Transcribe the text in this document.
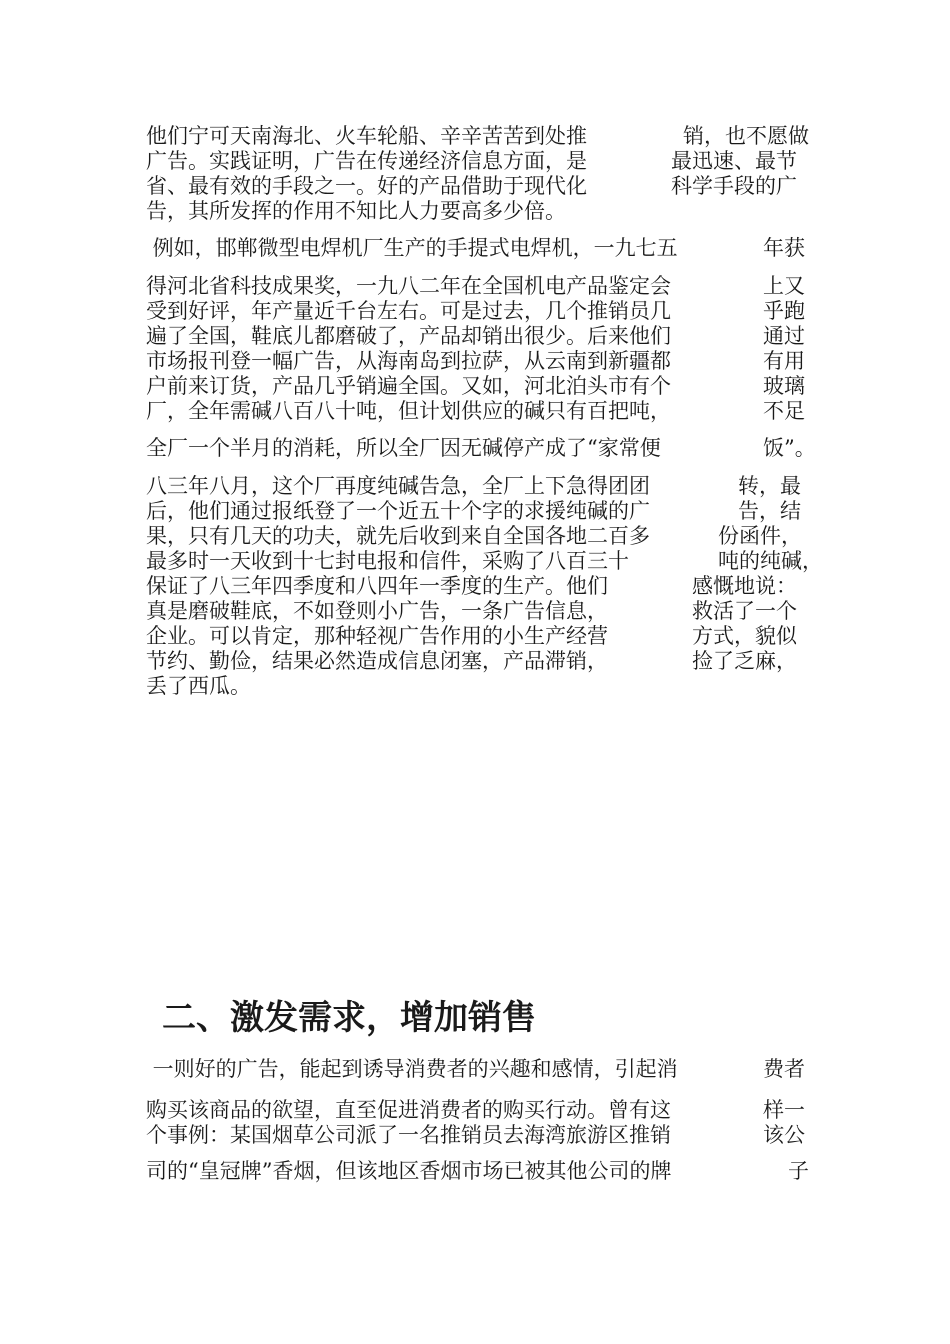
他们宁可天南海北、火车轮船、辛辛苦苦到处推	销，也不愿做
广告。实践证明，广告在传递经济信息方面，是	最迅速、最节
省、最有效的手段之一。好的产品借助于现代化	科学手段的广
告，其所发挥的作用不知比人力要高多少倍。
例如，邯郸微型电焊机厂生产的手提式电焊机，一九七五	年获
得河北省科技成果奖，一九八二年在全国机电产品鉴定会	上又
受到好评，年产量近千台左右。可是过去，几个推销员几	乎跑
遍了全国，鞋底儿都磨破了，产品却销出很少。后来他们	通过
市场报刊登一幅广告，从海南岛到拉萨，从云南到新疆都	有用
户前来订货，产品几乎销遍全国。又如，河北泊头市有个	玻璃
厂，全年需碱八百八十吨，但计划供应的碱只有百把吨，	不足
全厂一个半月的消耗，所以全厂因无碱停产成了“家常便	饭”。
八三年八月，这个厂再度纯碱告急，全厂上下急得团团	转，最
后，他们通过报纸登了一个近五十个字的求援纯碱的广	告，结
果，只有几天的功夫，就先后收到来自全国各地二百多	份函件，
最多时一天收到十七封电报和信件，采购了八百三十	吨的纯碱，
保证了八三年四季度和八四年一季度的生产。他们	感慨地说：
真是磨破鞋底，不如登则小广告，一条广告信息，	救活了一个
企业。可以肯定，那种轻视广告作用的小生产经营	方式，貌似
节约、勤俭，结果必然造成信息闭塞，产品滞销，	捡了乏麻，
丢了西瓜。
二、激发需求，增加销售
一则好的广告，能起到诱导消费者的兴趣和感情，引起消	费者
购买该商品的欲望，直至促进消费者的购买行动。曾有这	样一
个事例：某国烟草公司派了一名推销员去海湾旅游区推销	该公
司的“皇冠牌”香烟，但该地区香烟市场已被其他公司的牌	子
